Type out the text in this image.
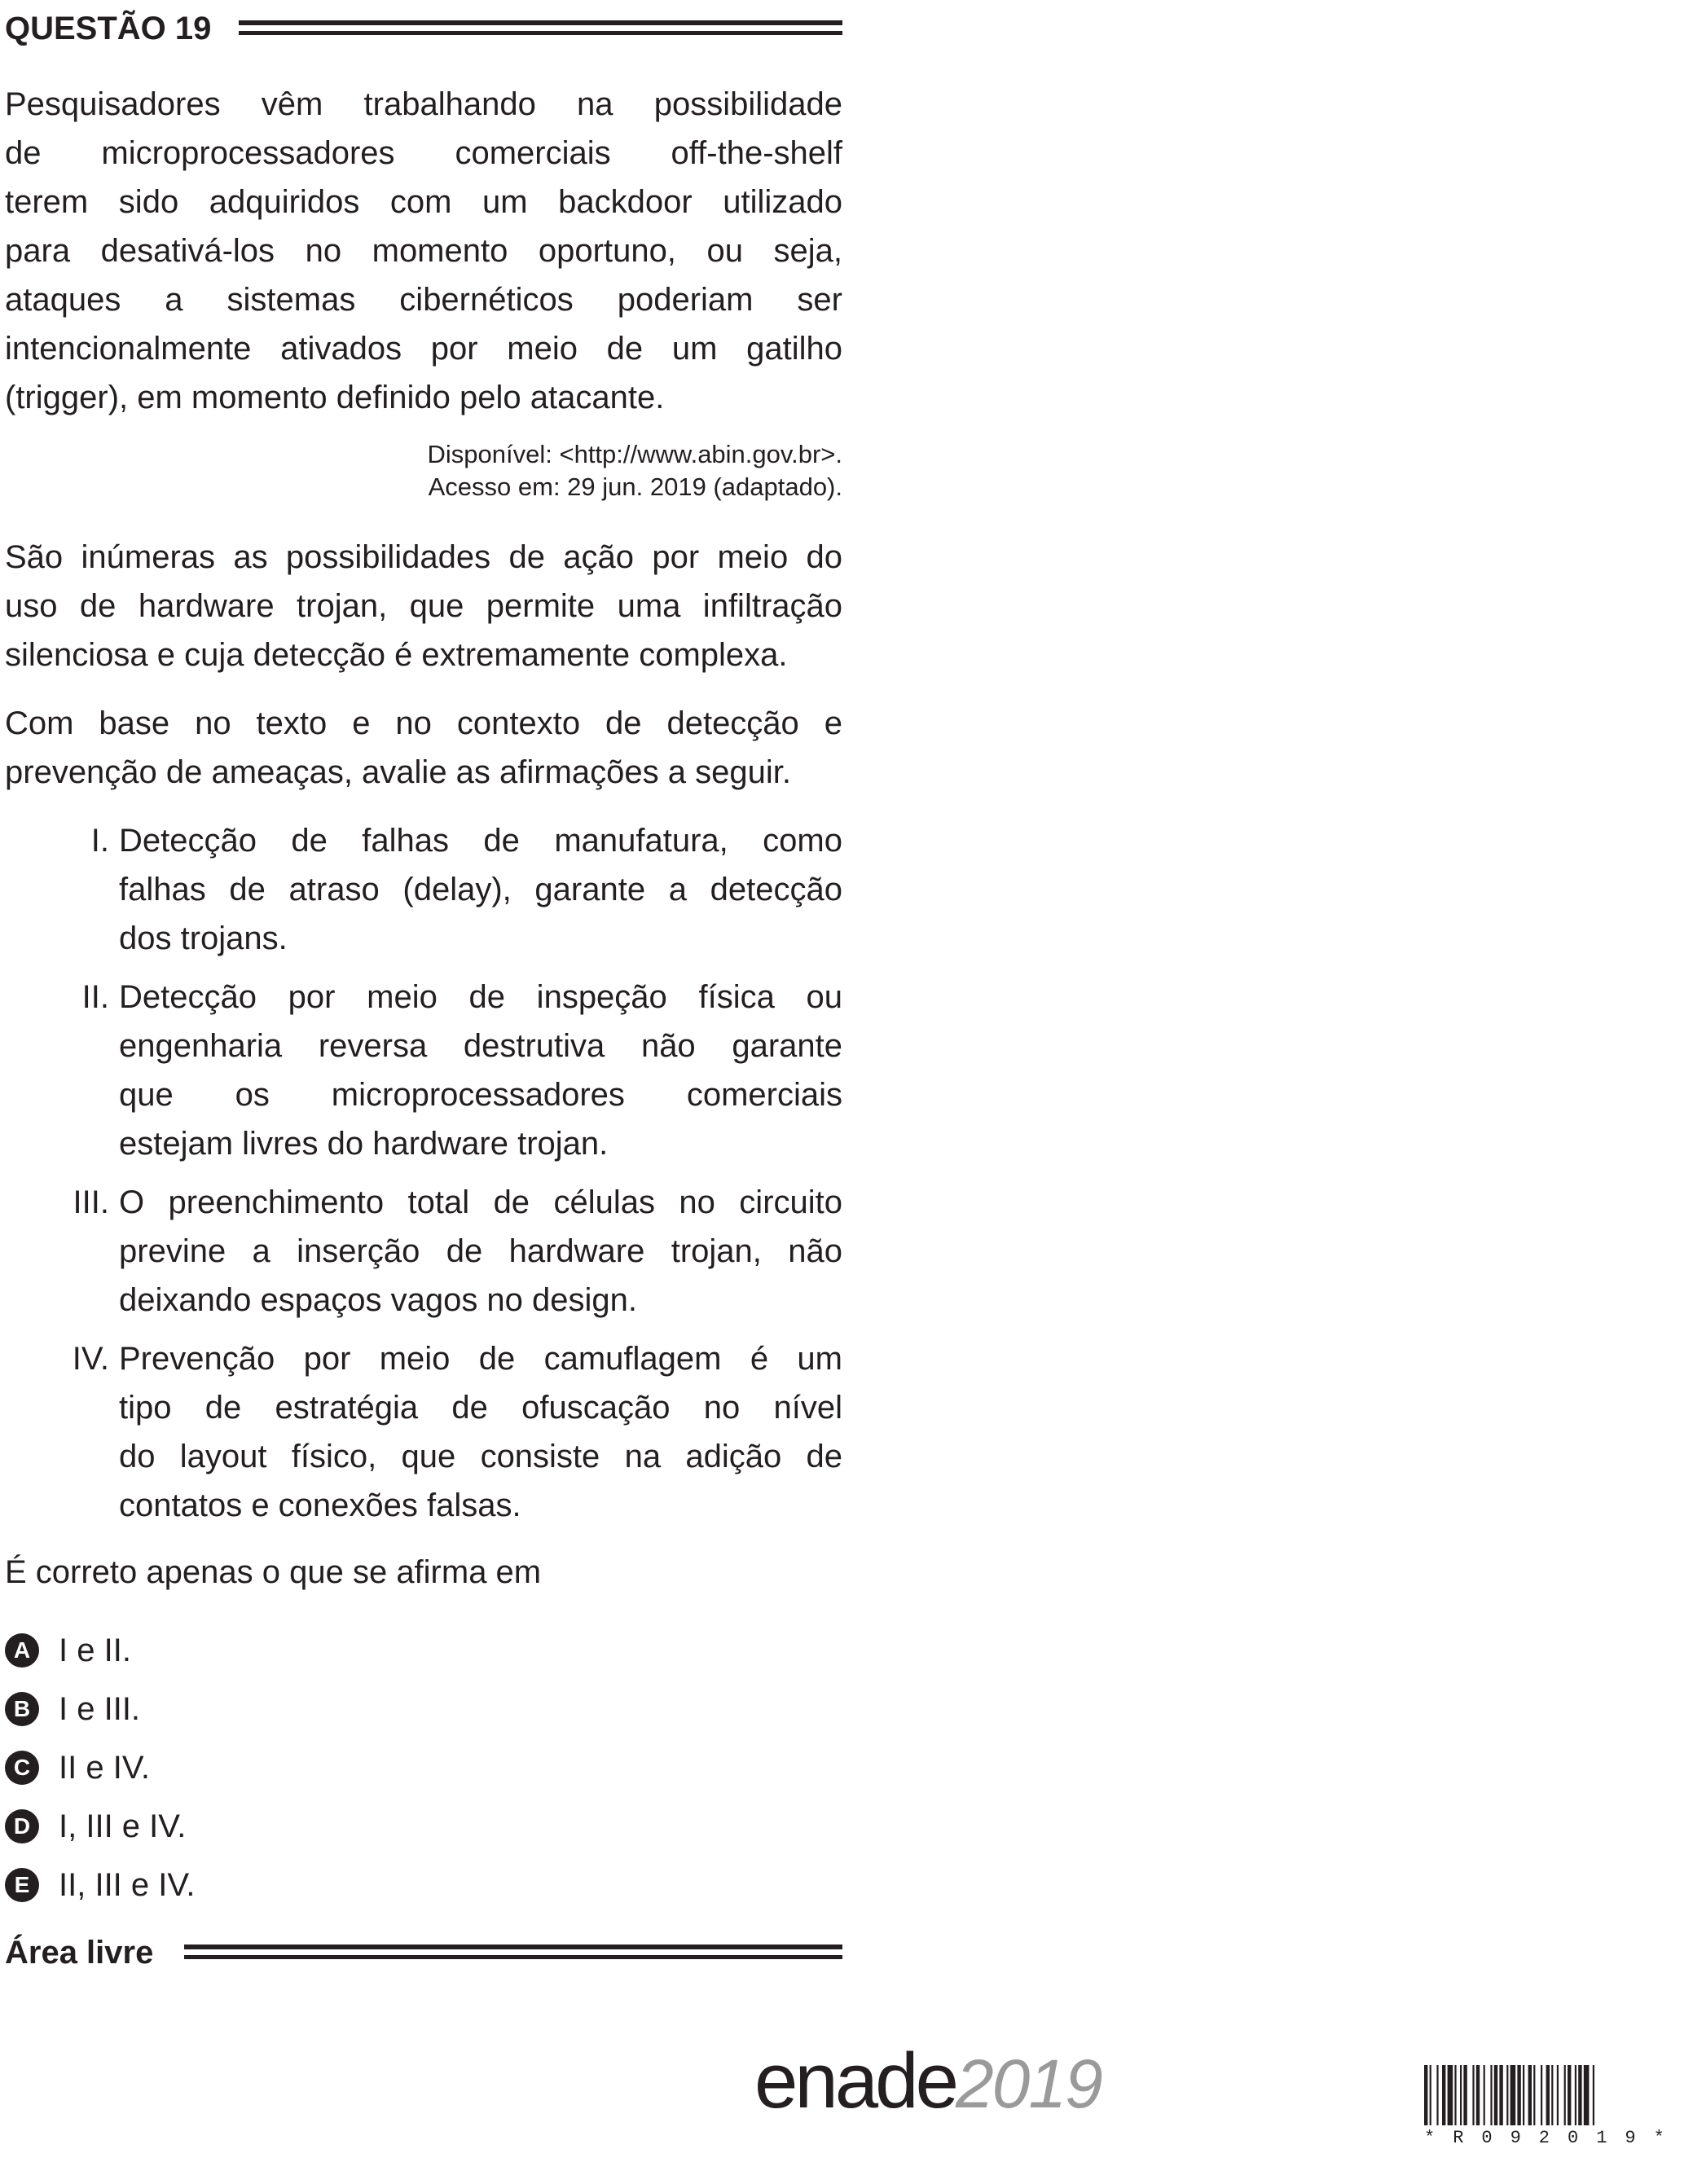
QUESTÃO 19

Pesquisadores vêm trabalhando na possibilidade

de microprocessadores comerciais off-the-shelf

terem sido adquiridos com um backdoor utilizado

para desativá-los no momento oportuno, ou seja,

ataques a sistemas cibernéticos poderiam ser

intencionalmente ativados por meio de um gatilho

(trigger), em momento definido pelo atacante.

Disponível: <http://www.abin.gov.br>.

Acesso em: 29 jun. 2019 (adaptado).

São inúmeras as possibilidades de ação por meio do

uso de hardware trojan, que permite uma infiltração

silenciosa e cuja detecção é extremamente complexa.

Com base no texto e no contexto de detecção e

prevenção de ameaças, avalie as afirmações a seguir.

I. Detecção de falhas de manufatura, como

falhas de atraso (delay), garante a detecção

dos trojans.

II. Detecção por meio de inspeção física ou

engenharia reversa destrutiva não garante

que os microprocessadores comerciais

estejam livres do hardware trojan.

III. O preenchimento total de células no circuito

previne a inserção de hardware trojan, não

deixando espaços vagos no design.

IV. Prevenção por meio de camuflagem é um

tipo de estratégia de ofuscação no nível

do layout físico, que consiste na adição de

contatos e conexões falsas.

É correto apenas o que se afirma em

A I e II.
B I e III.
C II e IV.
D I, III e IV.
E II, III e IV.
Área livre
enade2019
*R092019*
